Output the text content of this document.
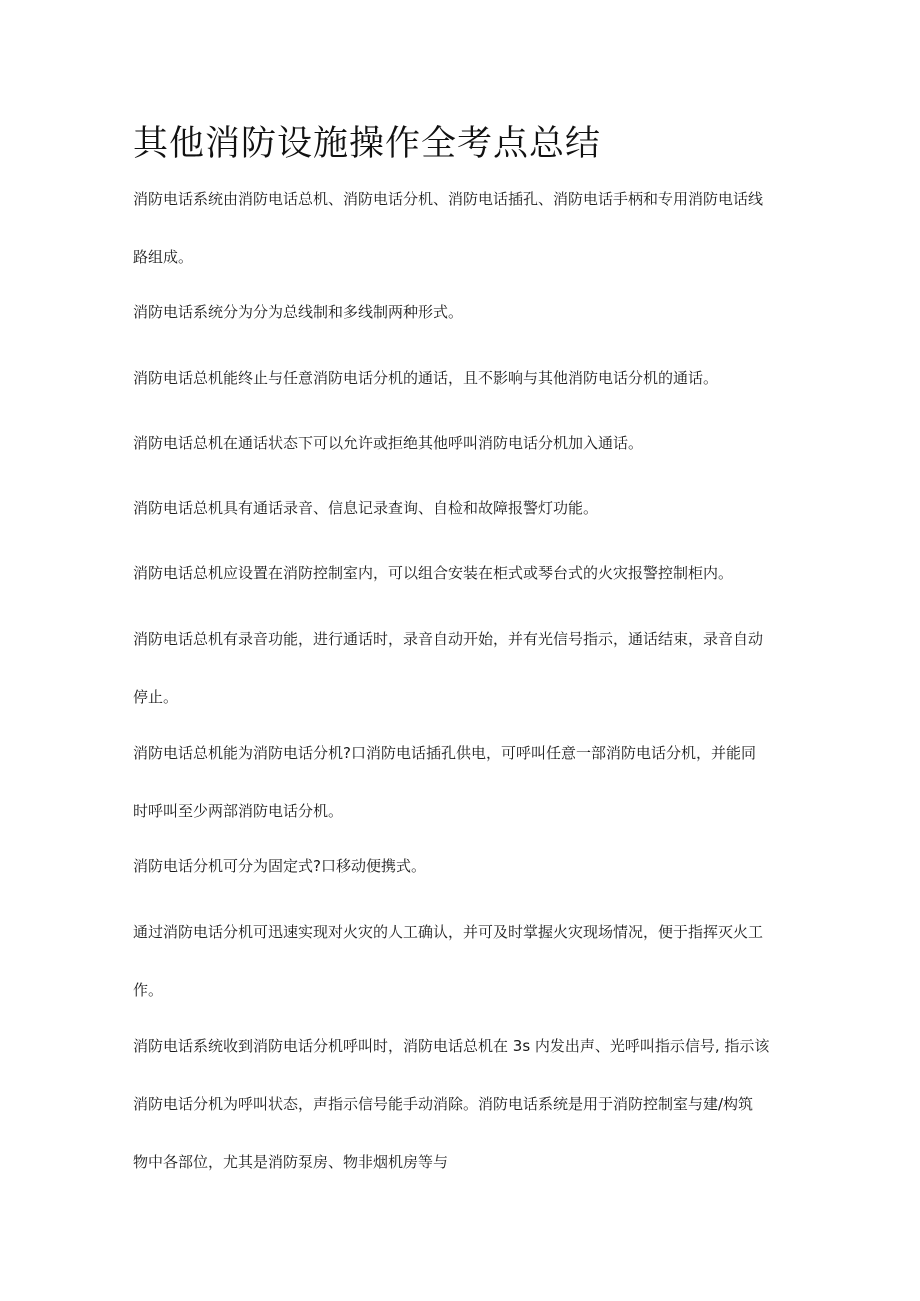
其他消防设施操作全考点总结

消防电话系统由消防电话总机、消防电话分机、消防电话插孔、消防电话手柄和专用消防电话线
路组成。

消防电话系统分为分为总线制和多线制两种形式。

消防电话总机能终止与任意消防电话分机的通话，且不影响与其他消防电话分机的通话。

消防电话总机在通话状态下可以允许或拒绝其他呼叫消防电话分机加入通话。

消防电话总机具有通话录音、信息记录查询、自检和故障报警灯功能。

消防电话总机应设置在消防控制室内，可以组合安装在柜式或琴台式的火灾报警控制柜内。

消防电话总机有录音功能，进行通话时，录音自动开始，并有光信号指示，通话结束，录音自动
停止。

消防电话总机能为消防电话分机?口消防电话插孔供电，可呼叫任意一部消防电话分机，并能同
时呼叫至少两部消防电话分机。

消防电话分机可分为固定式?口移动便携式。

通过消防电话分机可迅速实现对火灾的人工确认，并可及时掌握火灾现场情况，便于指挥灭火工
作。

消防电话系统收到消防电话分机呼叫时，消防电话总机在 3s 内发出声、光呼叫指示信号, 指示该
消防电话分机为呼叫状态，声指示信号能手动消除。消防电话系统是用于消防控制室与建/构筑
物中各部位，尤其是消防泵房、物非烟机房等与
